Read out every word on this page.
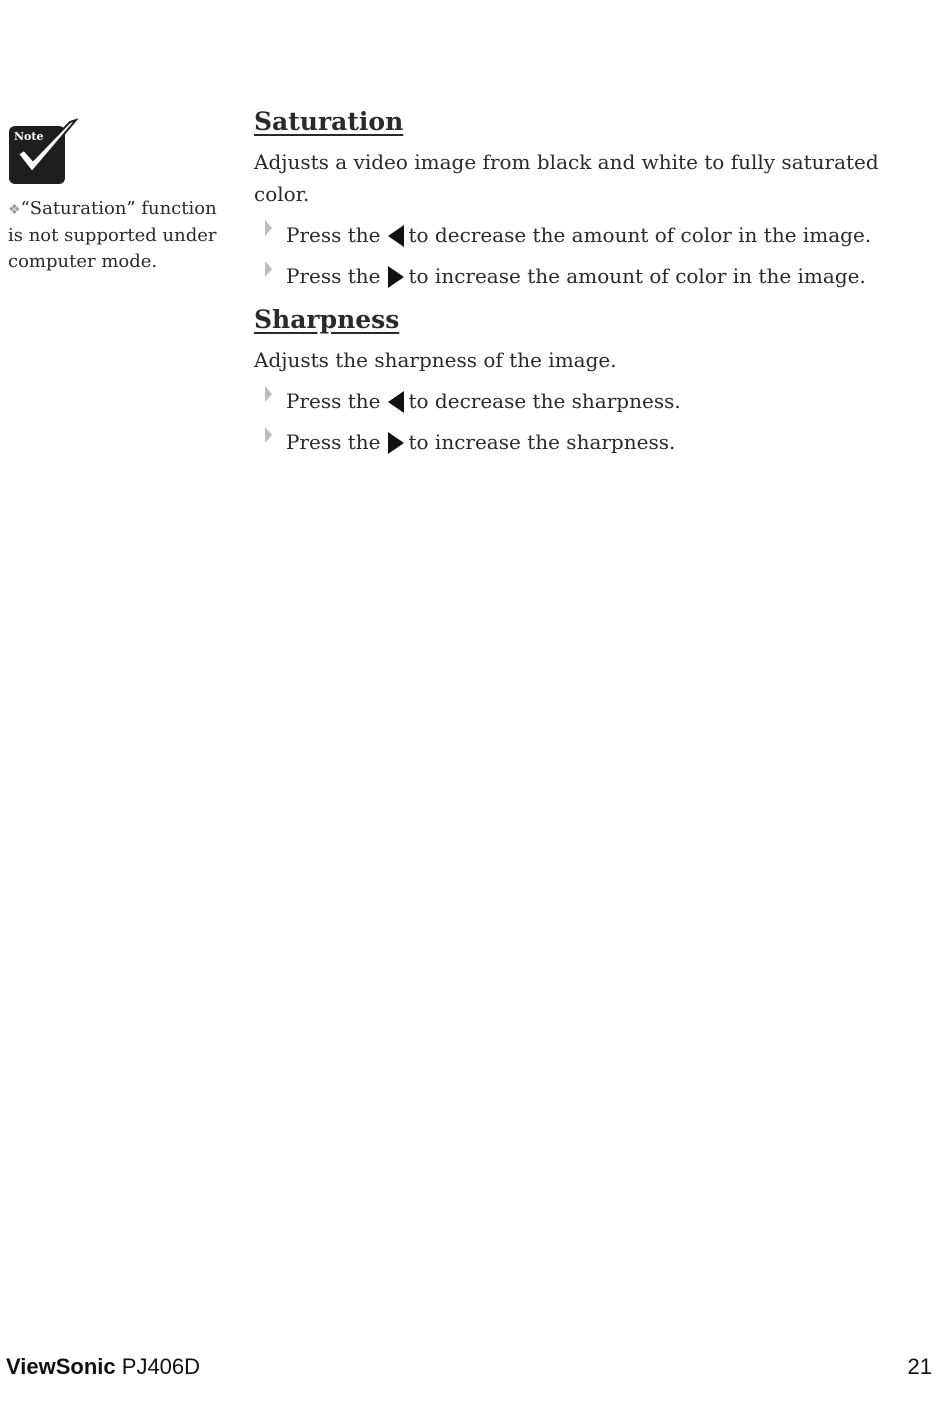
Note
❖“Saturation” function is not supported under computer mode.
Saturation

Adjusts a video image from black and white to fully saturated color.

Press the to decrease the amount of color in the image.
Press the to increase the amount of color in the image.
Sharpness

Adjusts the sharpness of the image.

Press the to decrease the sharpness.
Press the to increase the sharpness.
ViewSonic PJ406D	21
